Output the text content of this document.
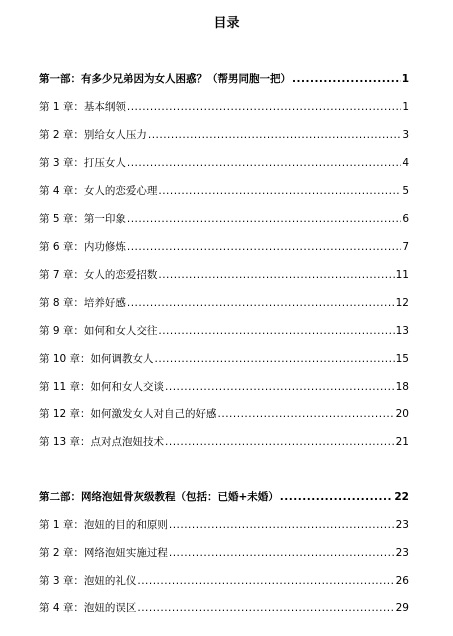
目录
第一部：有多少兄弟因为女人困惑？（帮男同胞一把） .....	1
第 1 章：基本纲领 .....	1
第 2 章：别给女人压力 .....	3
第 3 章：打压女人 .....	4
第 4 章：女人的恋爱心理 .....	5
第 5 章：第一印象 .....	6
第 6 章：内功修炼 .....	7
第 7 章：女人的恋爱招数 .....	11
第 8 章：培养好感 .....	12
第 9 章：如何和女人交往 .....	13
第 10 章：如何调教女人 .....	15
第 11 章：如何和女人交谈 .....	18
第 12 章：如何激发女人对自己的好感 .....	20
第 13 章：点对点泡妞技术 .....	21
第二部：网络泡妞骨灰级教程（包括：已婚+未婚） .....	22
第 1 章：泡妞的目的和原则 .....	23
第 2 章：网络泡妞实施过程 .....	23
第 3 章：泡妞的礼仪 .....	26
第 4 章：泡妞的误区 .....	29
